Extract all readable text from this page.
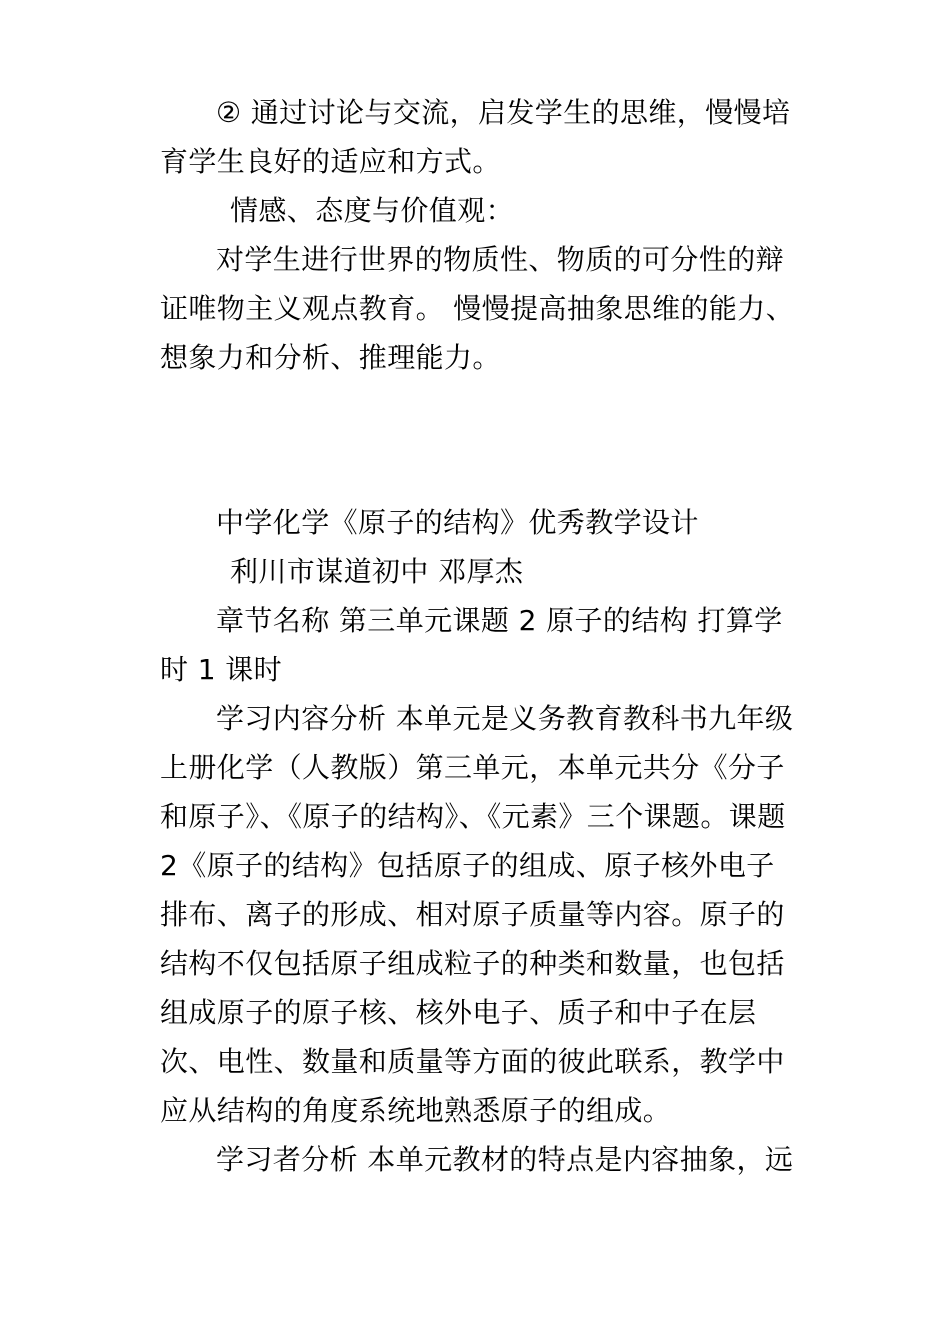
② 通过讨论与交流，启发学生的思维，慢慢培育学生良好的适应和方式。

情感、态度与价值观：

对学生进行世界的物质性、物质的可分性的辩证唯物主义观点教育。 慢慢提高抽象思维的能力、想象力和分析、推理能力。

中学化学《原子的结构》优秀教学设计

利川市谋道初中 邓厚杰

章节名称 第三单元课题 2 原子的结构 打算学时 1 课时

学习内容分析 本单元是义务教育教科书九年级上册化学（人教版）第三单元，本单元共分《分子和原子》、《原子的结构》、《元素》三个课题。课题 2《原子的结构》包括原子的组成、原子核外电子排布、离子的形成、相对原子质量等内容。原子的结构不仅包括原子组成粒子的种类和数量，也包括组成原子的原子核、核外电子、质子和中子在层次、电性、数量和质量等方面的彼此联系，教学中应从结构的角度系统地熟悉原子的组成。

学习者分析 本单元教材的特点是内容抽象，远
